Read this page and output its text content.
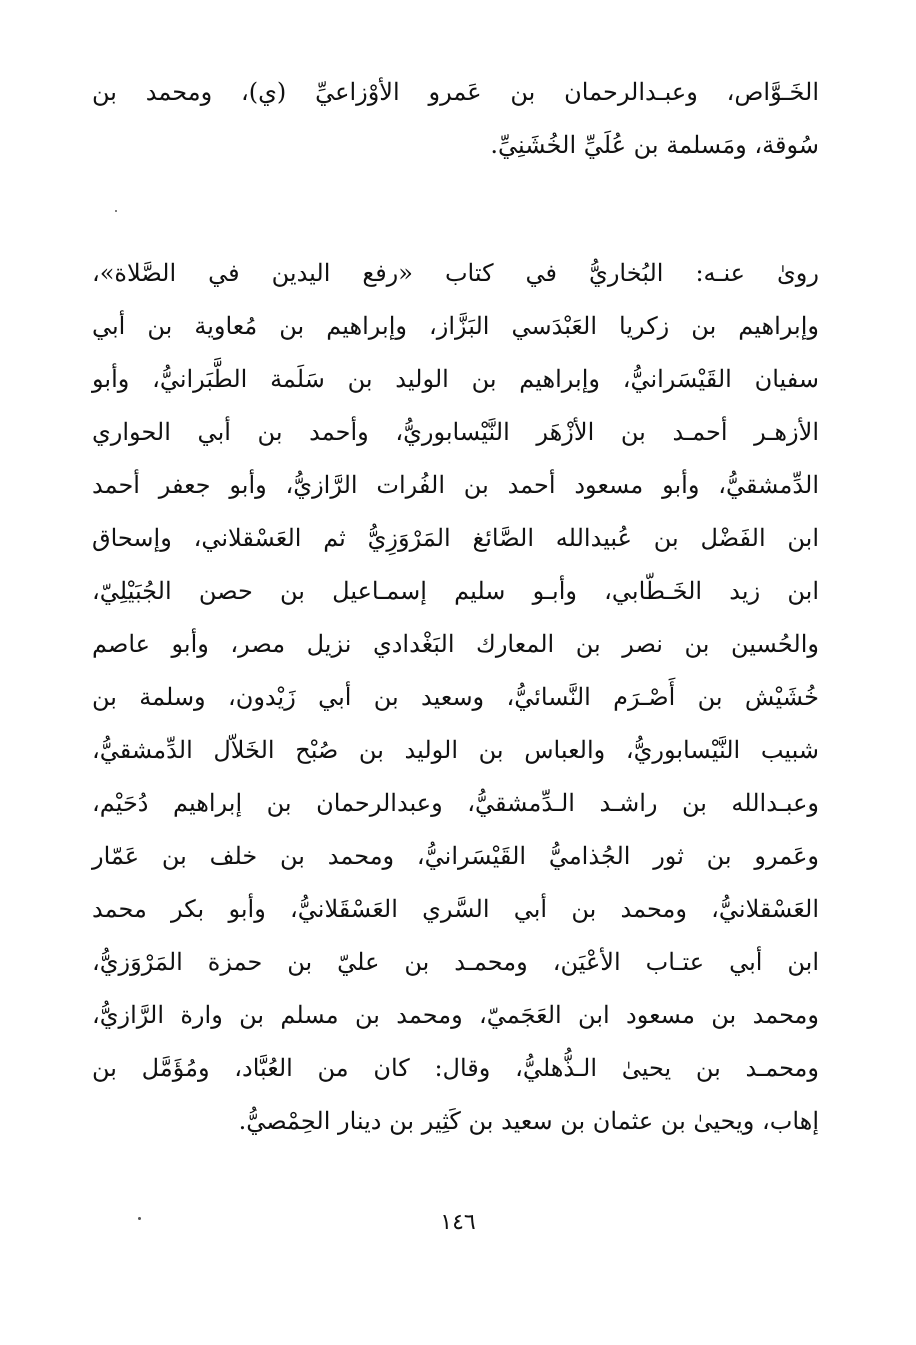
الخَـوَّاص، وعبـدالرحمان بن عَمرو الأوْزاعيِّ (ي)، ومحمد بن
سُوقة، ومَسلمة بن عُلَيِّ الخُشَنِيِّ.
رویٰ عنـه: البُخاريُّ في كتاب «رفع اليدين في الصَّلاة»،
وإبراهيم بن زكريا العَبْدَسي البَزَّاز، وإبراهيم بن مُعاوية بن أبي
سفيان القَيْسَرانيُّ، وإبراهيم بن الوليد بن سَلَمة الطَّبَرانيُّ، وأبو
الأزهـر أحمـد بن الأزْهَر النَّيْسابوريُّ، وأحمد بن أبي الحواري
الدِّمشقيُّ، وأبو مسعود أحمد بن الفُرات الرَّازيُّ، وأبو جعفر أحمد
ابن الفَضْل بن عُبيدالله الصَّائغ المَرْوَزِيُّ ثم العَسْقلاني، وإسحاق
ابن زيد الخَـطّابي، وأبـو سليم إسمـاعيل بن حصن الجُبَيْلِيّ،
والحُسين بن نصر بن المعارك البَغْدادي نزيل مصر، وأبو عاصم
خُشَيْش بن أَصْـرَم النَّسائيُّ، وسعيد بن أبي زَيْدون، وسلمة بن
شبيب النَّيْسابوريُّ، والعباس بن الوليد بن صُبْح الخَلاّل الدِّمشقيُّ،
وعبـدالله بن راشـد الـدِّمشقيُّ، وعبدالرحمان بن إبراهيم دُحَيْم،
وعَمرو بن ثور الجُذاميُّ القَيْسَرانيُّ، ومحمد بن خلف بن عَمّار
العَسْقلانيُّ، ومحمد بن أبي السَّري العَسْقَلانيُّ، وأبو بكر محمد
ابن أبي عتـاب الأعْيَن، ومحمـد بن عليّ بن حمزة المَرْوَزيُّ،
ومحمد بن مسعود ابن العَجَميّ، ومحمد بن مسلم بن وارة الرَّازيُّ،
ومحمـد بن يحيىٰ الـذُّهليُّ، وقال: كان من العُبَّاد، ومُؤَمَّل بن
إهاب، ويحيىٰ بن عثمان بن سعيد بن كَثِير بن دينار الحِمْصيُّ.
١٤٦
